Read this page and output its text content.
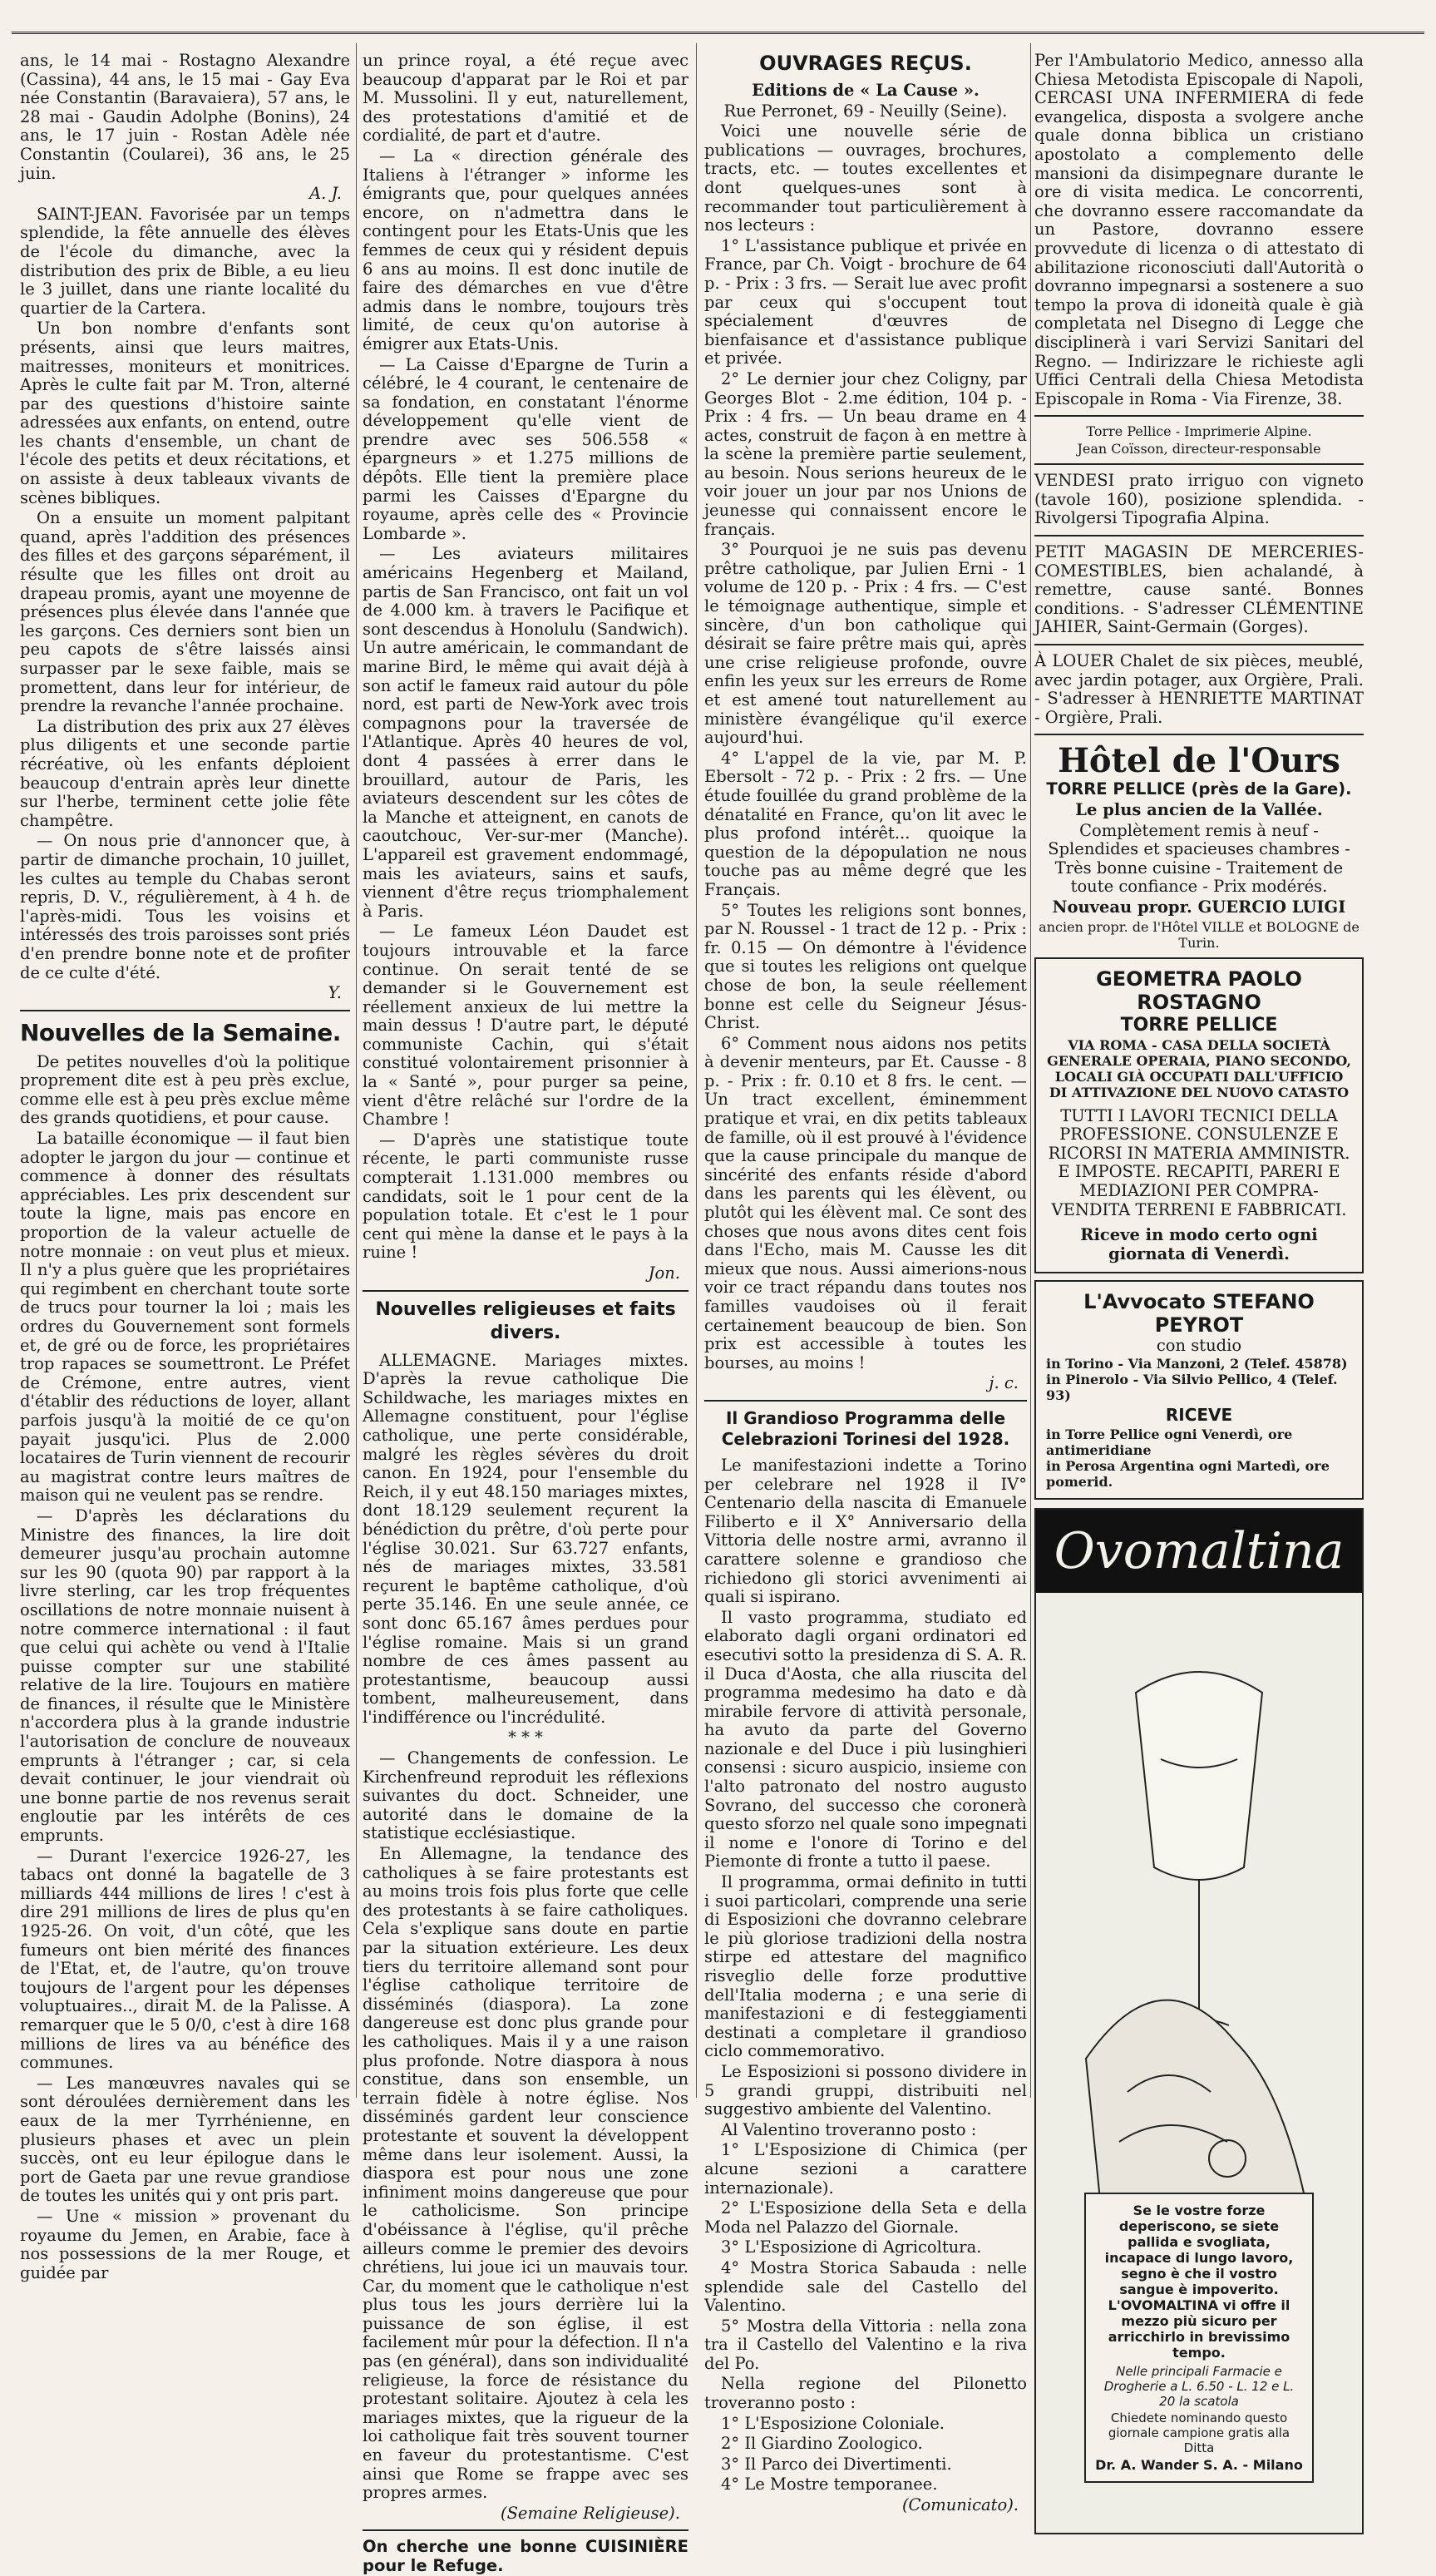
ans, le 14 mai - Rostagno Alexandre (Cassina), 44 ans, le 15 mai - Gay Eva née Constantin (Baravaiera), 57 ans, le 28 mai - Gaudin Adolphe (Bonins), 24 ans, le 17 juin - Rostan Adèle née Constantin (Coularei), 36 ans, le 25 juin.

A. J.

SAINT-JEAN. Favorisée par un temps splendide, la fête annuelle des élèves de l'école du dimanche, avec la distribution des prix de Bible, a eu lieu le 3 juillet, dans une riante localité du quartier de la Cartera.

Un bon nombre d'enfants sont présents, ainsi que leurs maitres, maitresses, moniteurs et monitrices. Après le culte fait par M. Tron, alterné par des questions d'histoire sainte adressées aux enfants, on entend, outre les chants d'ensemble, un chant de l'école des petits et deux récitations, et on assiste à deux tableaux vivants de scènes bibliques.

On a ensuite un moment palpitant quand, après l'addition des présences des filles et des garçons séparément, il résulte que les filles ont droit au drapeau promis, ayant une moyenne de présences plus élevée dans l'année que les garçons. Ces derniers sont bien un peu capots de s'être laissés ainsi surpasser par le sexe faible, mais se promettent, dans leur for intérieur, de prendre la revanche l'année prochaine.

La distribution des prix aux 27 élèves plus diligents et une seconde partie récréative, où les enfants déploient beaucoup d'entrain après leur dinette sur l'herbe, terminent cette jolie fête champêtre.

— On nous prie d'annoncer que, à partir de dimanche prochain, 10 juillet, les cultes au temple du Chabas seront repris, D. V., régulièrement, à 4 h. de l'après-midi. Tous les voisins et intéressés des trois paroisses sont priés d'en prendre bonne note et de profiter de ce culte d'été.

Y.

Nouvelles de la Semaine.

De petites nouvelles d'où la politique proprement dite est à peu près exclue, comme elle est à peu près exclue même des grands quotidiens, et pour cause.

La bataille économique — il faut bien adopter le jargon du jour — continue et commence à donner des résultats appréciables. Les prix descendent sur toute la ligne, mais pas encore en proportion de la valeur actuelle de notre monnaie : on veut plus et mieux. Il n'y a plus guère que les propriétaires qui regimbent en cherchant toute sorte de trucs pour tourner la loi ; mais les ordres du Gouvernement sont formels et, de gré ou de force, les propriétaires trop rapaces se soumettront. Le Préfet de Crémone, entre autres, vient d'établir des réductions de loyer, allant parfois jusqu'à la moitié de ce qu'on payait jusqu'ici. Plus de 2.000 locataires de Turin viennent de recourir au magistrat contre leurs maîtres de maison qui ne veulent pas se rendre.

— D'après les déclarations du Ministre des finances, la lire doit demeurer jusqu'au prochain automne sur les 90 (quota 90) par rapport à la livre sterling, car les trop fréquentes oscillations de notre monnaie nuisent à notre commerce international : il faut que celui qui achète ou vend à l'Italie puisse compter sur une stabilité relative de la lire. Toujours en matière de finances, il résulte que le Ministère n'accordera plus à la grande industrie l'autorisation de conclure de nouveaux emprunts à l'étranger ; car, si cela devait continuer, le jour viendrait où une bonne partie de nos revenus serait engloutie par les intérêts de ces emprunts.

— Durant l'exercice 1926-27, les tabacs ont donné la bagatelle de 3 milliards 444 millions de lires ! c'est à dire 291 millions de lires de plus qu'en 1925-26. On voit, d'un côté, que les fumeurs ont bien mérité des finances de l'Etat, et, de l'autre, qu'on trouve toujours de l'argent pour les dépenses voluptuaires.., dirait M. de la Palisse. A remarquer que le 5 0/0, c'est à dire 168 millions de lires va au bénéfice des communes.

— Les manœuvres navales qui se sont déroulées dernièrement dans les eaux de la mer Tyrrhénienne, en plusieurs phases et avec un plein succès, ont eu leur épilogue dans le port de Gaeta par une revue grandiose de toutes les unités qui y ont pris part.

— Une « mission » provenant du royaume du Jemen, en Arabie, face à nos possessions de la mer Rouge, et guidée par

un prince royal, a été reçue avec beaucoup d'apparat par le Roi et par M. Mussolini. Il y eut, naturellement, des protestations d'amitié et de cordialité, de part et d'autre.

— La « direction générale des Italiens à l'étranger » informe les émigrants que, pour quelques années encore, on n'admettra dans le contingent pour les Etats-Unis que les femmes de ceux qui y résident depuis 6 ans au moins. Il est donc inutile de faire des démarches en vue d'être admis dans le nombre, toujours très limité, de ceux qu'on autorise à émigrer aux Etats-Unis.

— La Caisse d'Epargne de Turin a célébré, le 4 courant, le centenaire de sa fondation, en constatant l'énorme développement qu'elle vient de prendre avec ses 506.558 « épargneurs » et 1.275 millions de dépôts. Elle tient la première place parmi les Caisses d'Epargne du royaume, après celle des « Provincie Lombarde ».

— Les aviateurs militaires américains Hegenberg et Mailand, partis de San Francisco, ont fait un vol de 4.000 km. à travers le Pacifique et sont descendus à Honolulu (Sandwich). Un autre américain, le commandant de marine Bird, le même qui avait déjà à son actif le fameux raid autour du pôle nord, est parti de New-York avec trois compagnons pour la traversée de l'Atlantique. Après 40 heures de vol, dont 4 passées à errer dans le brouillard, autour de Paris, les aviateurs descendent sur les côtes de la Manche et atteignent, en canots de caoutchouc, Ver-sur-mer (Manche). L'appareil est gravement endommagé, mais les aviateurs, sains et saufs, viennent d'être reçus triomphalement à Paris.

— Le fameux Léon Daudet est toujours introuvable et la farce continue. On serait tenté de se demander si le Gouvernement est réellement anxieux de lui mettre la main dessus ! D'autre part, le député communiste Cachin, qui s'était constitué volontairement prisonnier à la « Santé », pour purger sa peine, vient d'être relâché sur l'ordre de la Chambre !

— D'après une statistique toute récente, le parti communiste russe compterait 1.131.000 membres ou candidats, soit le 1 pour cent de la population totale. Et c'est le 1 pour cent qui mène la danse et le pays à la ruine !

Jon.

Nouvelles religieuses et faits divers.

ALLEMAGNE. Mariages mixtes. D'après la revue catholique Die Schildwache, les mariages mixtes en Allemagne constituent, pour l'église catholique, une perte considérable, malgré les règles sévères du droit canon. En 1924, pour l'ensemble du Reich, il y eut 48.150 mariages mixtes, dont 18.129 seulement reçurent la bénédiction du prêtre, d'où perte pour l'église 30.021. Sur 63.727 enfants, nés de mariages mixtes, 33.581 reçurent le baptême catholique, d'où perte 35.146. En une seule année, ce sont donc 65.167 âmes perdues pour l'église romaine. Mais si un grand nombre de ces âmes passent au protestantisme, beaucoup aussi tombent, malheureusement, dans l'indifférence ou l'incrédulité.

* * *

— Changements de confession. Le Kirchenfreund reproduit les réflexions suivantes du doct. Schneider, une autorité dans le domaine de la statistique ecclésiastique.

En Allemagne, la tendance des catholiques à se faire protestants est au moins trois fois plus forte que celle des protestants à se faire catholiques. Cela s'explique sans doute en partie par la situation extérieure. Les deux tiers du territoire allemand sont pour l'église catholique territoire de disséminés (diaspora). La zone dangereuse est donc plus grande pour les catholiques. Mais il y a une raison plus profonde. Notre diaspora à nous constitue, dans son ensemble, un terrain fidèle à notre église. Nos disséminés gardent leur conscience protestante et souvent la développent même dans leur isolement. Aussi, la diaspora est pour nous une zone infiniment moins dangereuse que pour le catholicisme. Son principe d'obéissance à l'église, qu'il prêche ailleurs comme le premier des devoirs chrétiens, lui joue ici un mauvais tour. Car, du moment que le catholique n'est plus tous les jours derrière lui la puissance de son église, il est facilement mûr pour la défection. Il n'a pas (en général), dans son individualité religieuse, la force de résistance du protestant solitaire. Ajoutez à cela les mariages mixtes, que la rigueur de la loi catholique fait très souvent tourner en faveur du protestantisme. C'est ainsi que Rome se frappe avec ses propres armes.

(Semaine Religieuse).

On cherche une bonne CUISINIÈRE pour le Refuge.

OUVRAGES REÇUS.

Editions de « La Cause ».

Rue Perronet, 69 - Neuilly (Seine).

Voici une nouvelle série de publications — ouvrages, brochures, tracts, etc. — toutes excellentes et dont quelques-unes sont à recommander tout particulièrement à nos lecteurs :

1° L'assistance publique et privée en France, par Ch. Voigt - brochure de 64 p. - Prix : 3 frs. — Serait lue avec profit par ceux qui s'occupent tout spécialement d'œuvres de bienfaisance et d'assistance publique et privée.

2° Le dernier jour chez Coligny, par Georges Blot - 2.me édition, 104 p. - Prix : 4 frs. — Un beau drame en 4 actes, construit de façon à en mettre à la scène la première partie seulement, au besoin. Nous serions heureux de le voir jouer un jour par nos Unions de jeunesse qui connaissent encore le français.

3° Pourquoi je ne suis pas devenu prêtre catholique, par Julien Erni - 1 volume de 120 p. - Prix : 4 frs. — C'est le témoignage authentique, simple et sincère, d'un bon catholique qui désirait se faire prêtre mais qui, après une crise religieuse profonde, ouvre enfin les yeux sur les erreurs de Rome et est amené tout naturellement au ministère évangélique qu'il exerce aujourd'hui.

4° L'appel de la vie, par M. P. Ebersolt - 72 p. - Prix : 2 frs. — Une étude fouillée du grand problème de la dénatalité en France, qu'on lit avec le plus profond intérêt... quoique la question de la dépopulation ne nous touche pas au même degré que les Français.

5° Toutes les religions sont bonnes, par N. Roussel - 1 tract de 12 p. - Prix : fr. 0.15 — On démontre à l'évidence que si toutes les religions ont quelque chose de bon, la seule réellement bonne est celle du Seigneur Jésus-Christ.

6° Comment nous aidons nos petits à devenir menteurs, par Et. Causse - 8 p. - Prix : fr. 0.10 et 8 frs. le cent. — Un tract excellent, éminemment pratique et vrai, en dix petits tableaux de famille, où il est prouvé à l'évidence que la cause principale du manque de sincérité des enfants réside d'abord dans les parents qui les élèvent, ou plutôt qui les élèvent mal. Ce sont des choses que nous avons dites cent fois dans l'Echo, mais M. Causse les dit mieux que nous. Aussi aimerions-nous voir ce tract répandu dans toutes nos familles vaudoises où il ferait certainement beaucoup de bien. Son prix est accessible à toutes les bourses, au moins !

j. c.

Il Grandioso Programma delle Celebrazioni Torinesi del 1928.

Le manifestazioni indette a Torino per celebrare nel 1928 il IV° Centenario della nascita di Emanuele Filiberto e il X° Anniversario della Vittoria delle nostre armi, avranno il carattere solenne e grandioso che richiedono gli storici avvenimenti ai quali si ispirano.

Il vasto programma, studiato ed elaborato dagli organi ordinatori ed esecutivi sotto la presidenza di S. A. R. il Duca d'Aosta, che alla riuscita del programma medesimo ha dato e dà mirabile fervore di attività personale, ha avuto da parte del Governo nazionale e del Duce i più lusinghieri consensi : sicuro auspicio, insieme con l'alto patronato del nostro augusto Sovrano, del successo che coronerà questo sforzo nel quale sono impegnati il nome e l'onore di Torino e del Piemonte di fronte a tutto il paese.

Il programma, ormai definito in tutti i suoi particolari, comprende una serie di Esposizioni che dovranno celebrare le più gloriose tradizioni della nostra stirpe ed attestare del magnifico risveglio delle forze produttive dell'Italia moderna ; e una serie di manifestazioni e di festeggiamenti destinati a completare il grandioso ciclo commemorativo.

Le Esposizioni si possono dividere in 5 grandi gruppi, distribuiti nel suggestivo ambiente del Valentino.

Al Valentino troveranno posto :

1° L'Esposizione di Chimica (per alcune sezioni a carattere internazionale).

2° L'Esposizione della Seta e della Moda nel Palazzo del Giornale.

3° L'Esposizione di Agricoltura.

4° Mostra Storica Sabauda : nelle splendide sale del Castello del Valentino.

5° Mostra della Vittoria : nella zona tra il Castello del Valentino e la riva del Po.

Nella regione del Pilonetto troveranno posto :

1° L'Esposizione Coloniale.

2° Il Giardino Zoologico.

3° Il Parco dei Divertimenti.

4° Le Mostre temporanee.

(Comunicato).

Per l'Ambulatorio Medico, annesso alla Chiesa Metodista Episcopale di Napoli, CERCASI UNA INFERMIERA di fede evangelica, disposta a svolgere anche quale donna biblica un cristiano apostolato a complemento delle mansioni da disimpegnare durante le ore di visita medica. Le concorrenti, che dovranno essere raccomandate da un Pastore, dovranno essere provvedute di licenza o di attestato di abilitazione riconosciuti dall'Autorità o dovranno impegnarsi a sostenere a suo tempo la prova di idoneità quale è già completata nel Disegno di Legge che disciplinerà i vari Servizi Sanitari del Regno. — Indirizzare le richieste agli Uffici Centrali della Chiesa Metodista Episcopale in Roma - Via Firenze, 38.

Torre Pellice - Imprimerie Alpine.

Jean Coïsson, directeur-responsable

VENDESI prato irriguo con vigneto (tavole 160), posizione splendida. - Rivolgersi Tipografia Alpina.

PETIT MAGASIN DE MERCERIES-COMESTIBLES, bien achalandé, à remettre, cause santé. Bonnes conditions. - S'adresser CLÉMENTINE JAHIER, Saint-Germain (Gorges).

À LOUER Chalet de six pièces, meublé, avec jardin potager, aux Orgière, Prali. - S'adresser à HENRIETTE MARTINAT - Orgière, Prali.

Hôtel de l'Ours

TORRE PELLICE (près de la Gare).

Le plus ancien de la Vallée.

Complètement remis à neuf - Splendides et spacieuses chambres - Très bonne cuisine - Traitement de toute confiance - Prix modérés.

Nouveau propr. GUERCIO LUIGI

ancien propr. de l'Hôtel VILLE et BOLOGNE de Turin.

GEOMETRA PAOLO ROSTAGNO

TORRE PELLICE

VIA ROMA - CASA DELLA SOCIETÀ GENERALE OPERAIA, PIANO SECONDO, LOCALI GIÀ OCCUPATI DALL'UFFICIO DI ATTIVAZIONE DEL NUOVO CATASTO

TUTTI I LAVORI TECNICI DELLA PROFESSIONE. CONSULENZE E RICORSI IN MATERIA AMMINISTR. E IMPOSTE. RECAPITI, PARERI E MEDIAZIONI PER COMPRA-VENDITA TERRENI E FABBRICATI.

Riceve in modo certo ogni giornata di Venerdì.

L'Avvocato STEFANO PEYROT

con studio

in Torino - Via Manzoni, 2 (Telef. 45878)

in Pinerolo - Via Silvio Pellico, 4 (Telef. 93)

RICEVE

in Torre Pellice ogni Venerdì, ore antimeridiane

in Perosa Argentina ogni Martedì, ore pomerid.

Ovomaltina

Se le vostre forze deperiscono, se siete pallida e svogliata, incapace di lungo lavoro, segno è che il vostro sangue è impoverito. L'OVOMALTINA vi offre il mezzo più sicuro per arricchirlo in brevissimo tempo.

Nelle principali Farmacie e Drogherie a L. 6.50 - L. 12 e L. 20 la scatola

Chiedete nominando questo giornale campione gratis alla Ditta

Dr. A. Wander S. A. - Milano
